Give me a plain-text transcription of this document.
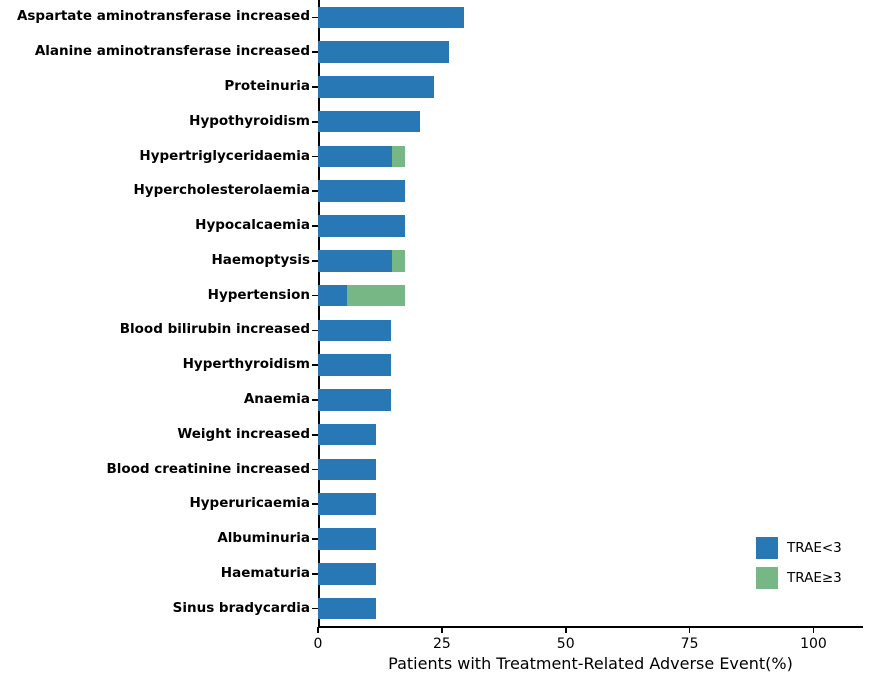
Aspartate aminotransferase increased
Alanine aminotransferase increased
Proteinuria
Hypothyroidism
Hypertriglyceridaemia
Hypercholesterolaemia
Hypocalcaemia
Haemoptysis
Hypertension
Blood bilirubin increased
Hyperthyroidism
Anaemia
Weight increased
Blood creatinine increased
Hyperuricaemia
Albuminuria
Haematuria
Sinus bradycardia
0	25	50	75	100
Patients with Treatment-Related Adverse Event(%)
TRAE<3
TRAE≥3
